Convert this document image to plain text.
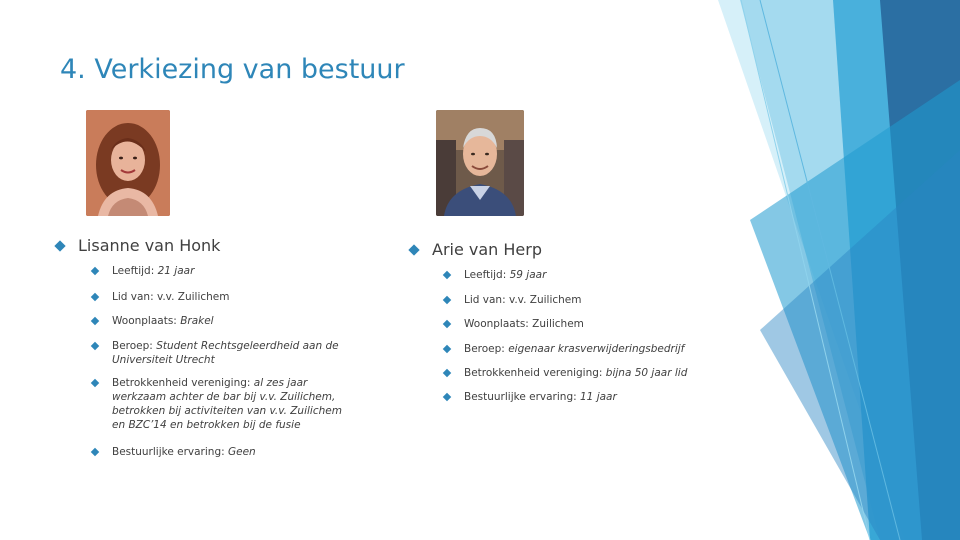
4. Verkiezing van bestuur
Lisanne van Honk
Leeftijd: 21 jaar
Lid van: v.v. Zuilichem
Woonplaats: Brakel
Beroep: Student Rechtsgeleerdheid aan de Universiteit Utrecht
Betrokkenheid vereniging: al zes jaar werkzaam achter de bar bij v.v. Zuilichem, betrokken bij activiteiten van v.v. Zuilichem en BZC’14 en betrokken bij de fusie
Bestuurlijke ervaring: Geen
Arie van Herp
Leeftijd: 59 jaar
Lid van: v.v. Zuilichem
Woonplaats: Zuilichem
Beroep: eigenaar krasverwijderingsbedrijf
Betrokkenheid vereniging: bijna 50 jaar lid
Bestuurlijke ervaring: 11 jaar
